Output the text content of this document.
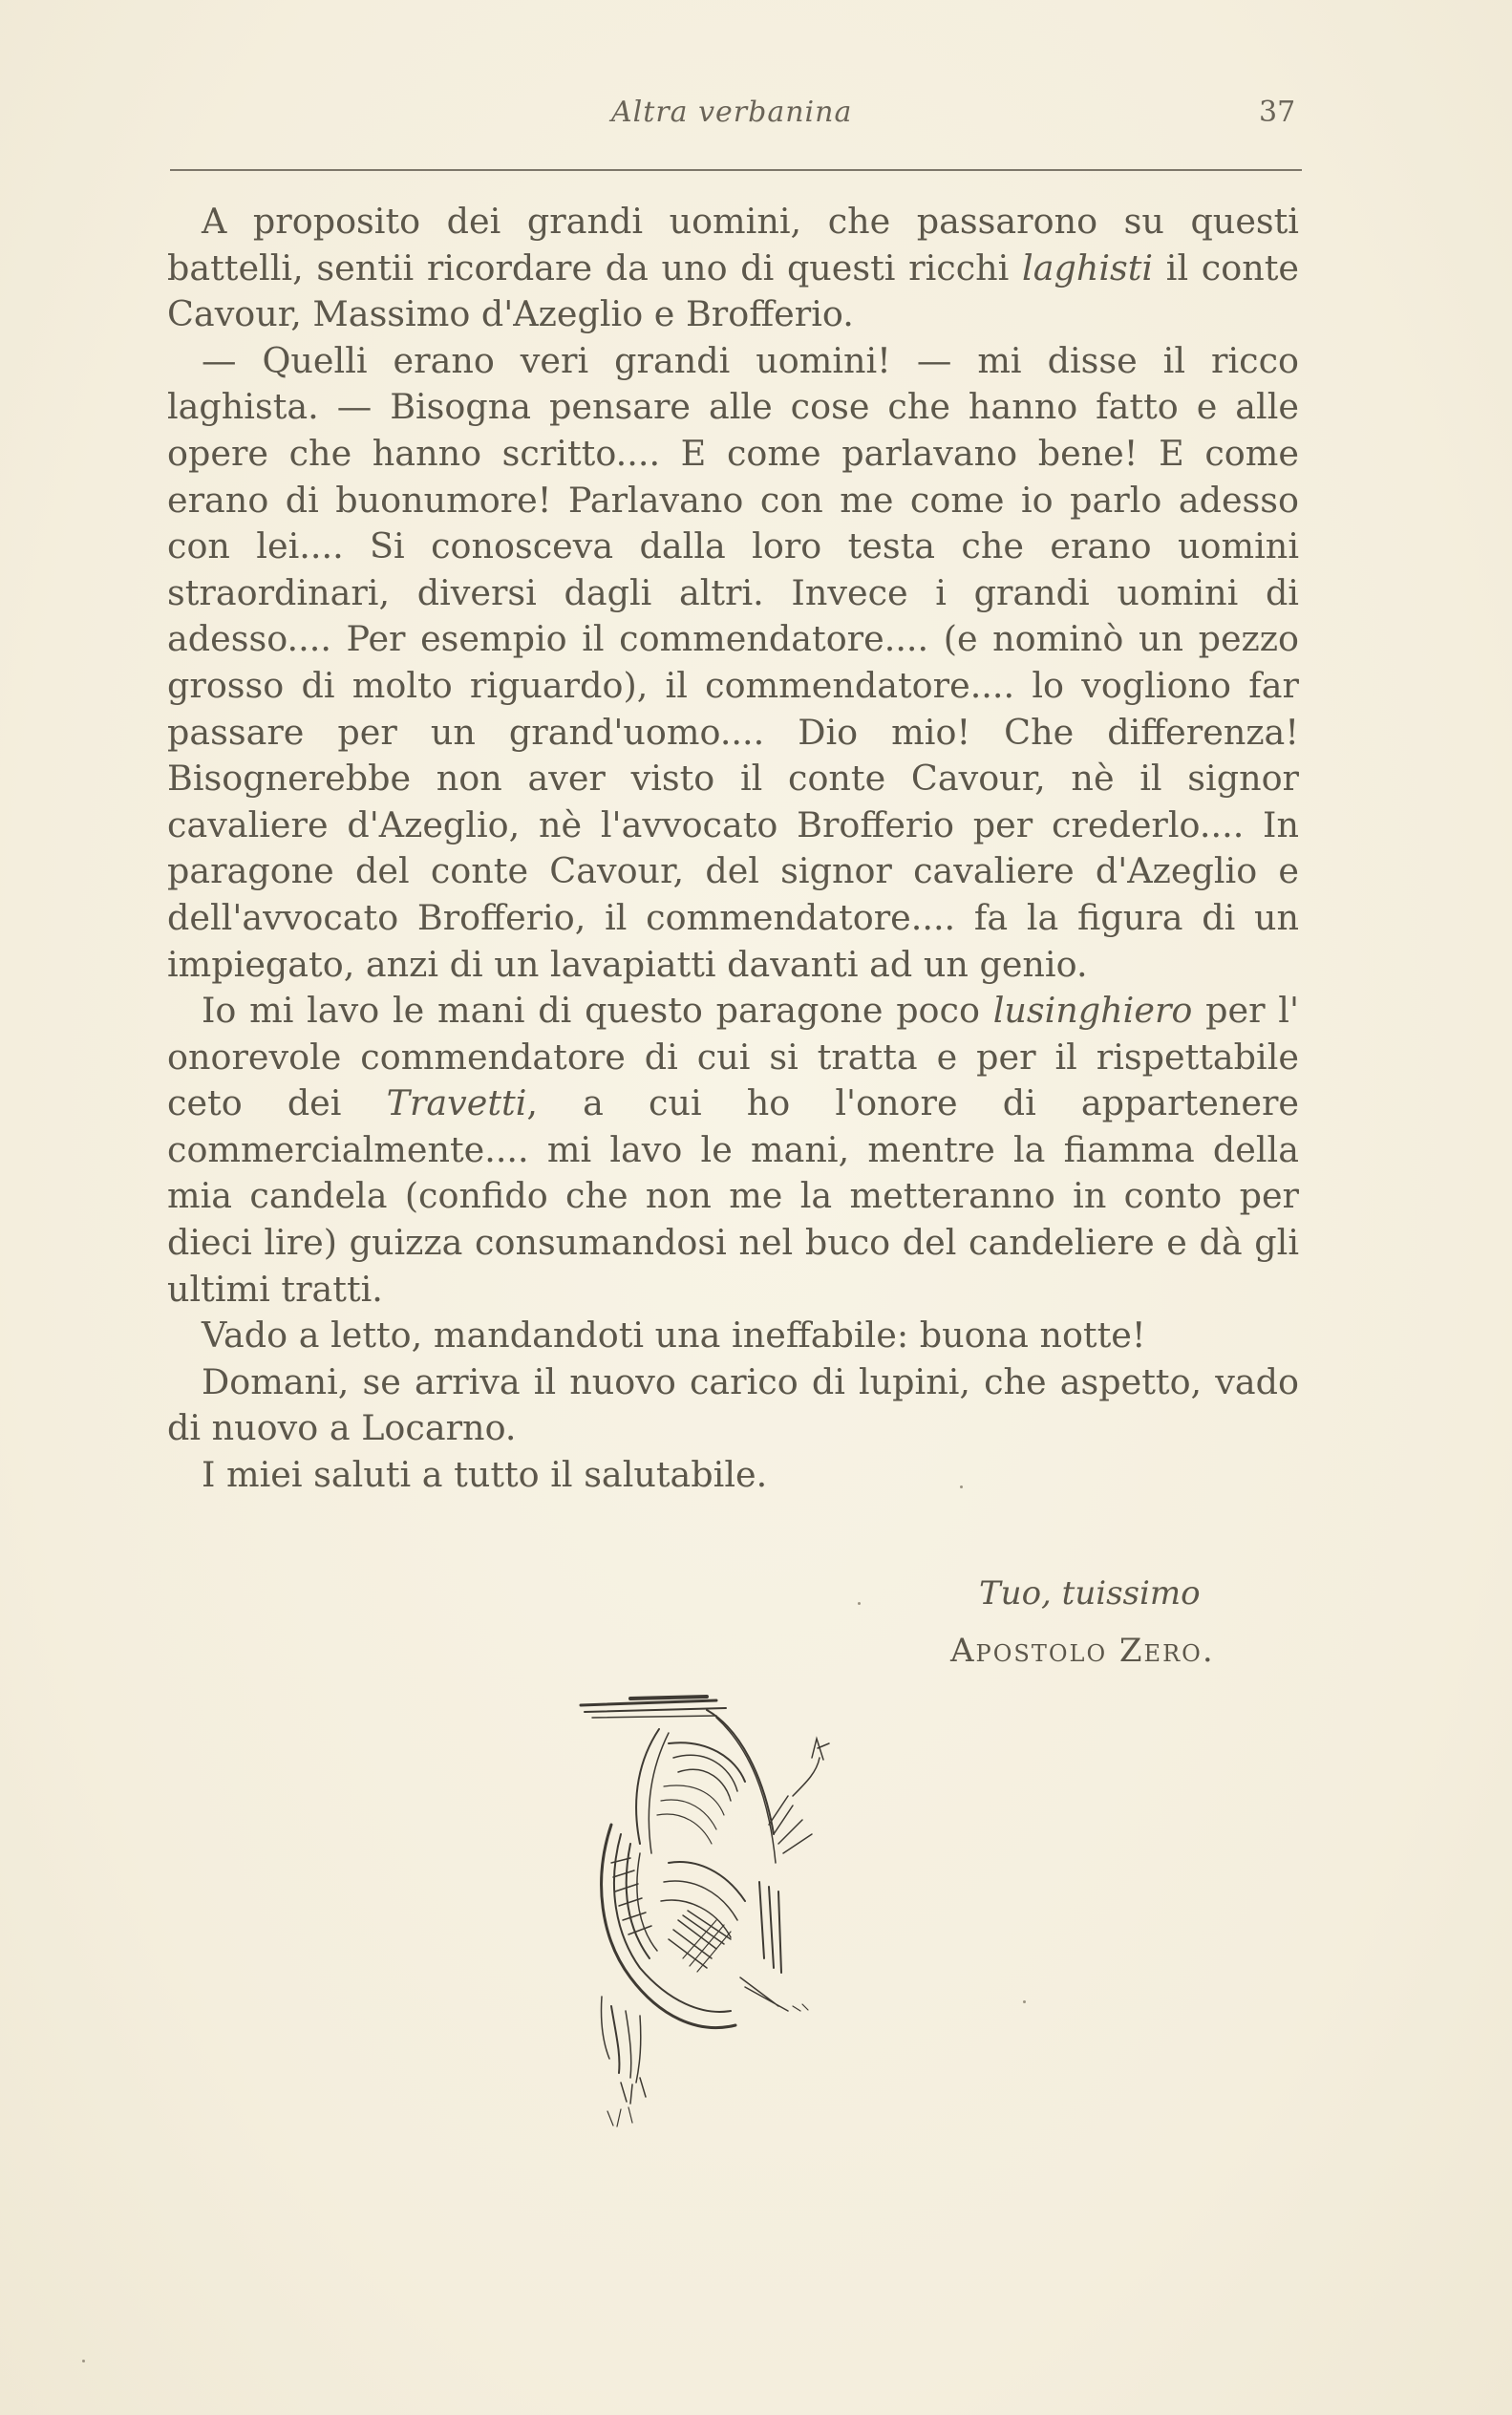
Altra verbanina	37

A proposito dei grandi uomini, che passarono su questi battelli, sentii ricordare da uno di questi ricchi laghisti il conte Cavour, Massimo d'Azeglio e Brofferio.

— Quelli erano veri grandi uomini! — mi disse il ricco laghista. — Bisogna pensare alle cose che hanno fatto e alle opere che hanno scritto.... E come parlavano bene! E come erano di buonumore! Parlavano con me come io parlo adesso con lei.... Si conosceva dalla loro testa che erano uomini straordinari, diversi dagli altri. Invece i grandi uomini di adesso.... Per esempio il commendatore.... (e nominò un pezzo grosso di molto riguardo), il commendatore.... lo vogliono far passare per un grand'uomo.... Dio mio! Che differenza! Bisognerebbe non aver visto il conte Cavour, nè il signor cavaliere d'Azeglio, nè l'avvocato Brofferio per crederlo.... In paragone del conte Cavour, del signor cavaliere d'Azeglio e dell'avvocato Brofferio, il commendatore.... fa la figura di un impiegato, anzi di un lavapiatti davanti ad un genio.

Io mi lavo le mani di questo paragone poco lusinghiero per l' onorevole commendatore di cui si tratta e per il rispettabile ceto dei Travetti, a cui ho l'onore di appartenere commercialmente.... mi lavo le mani, mentre la fiamma della mia candela (confido che non me la metteranno in conto per dieci lire) guizza consumandosi nel buco del candeliere e dà gli ultimi tratti.

Vado a letto, mandandoti una ineffabile: buona notte!

Domani, se arriva il nuovo carico di lupini, che aspetto, vado di nuovo a Locarno.

I miei saluti a tutto il salutabile.

Tuo, tuissimo
Apostolo Zero.
